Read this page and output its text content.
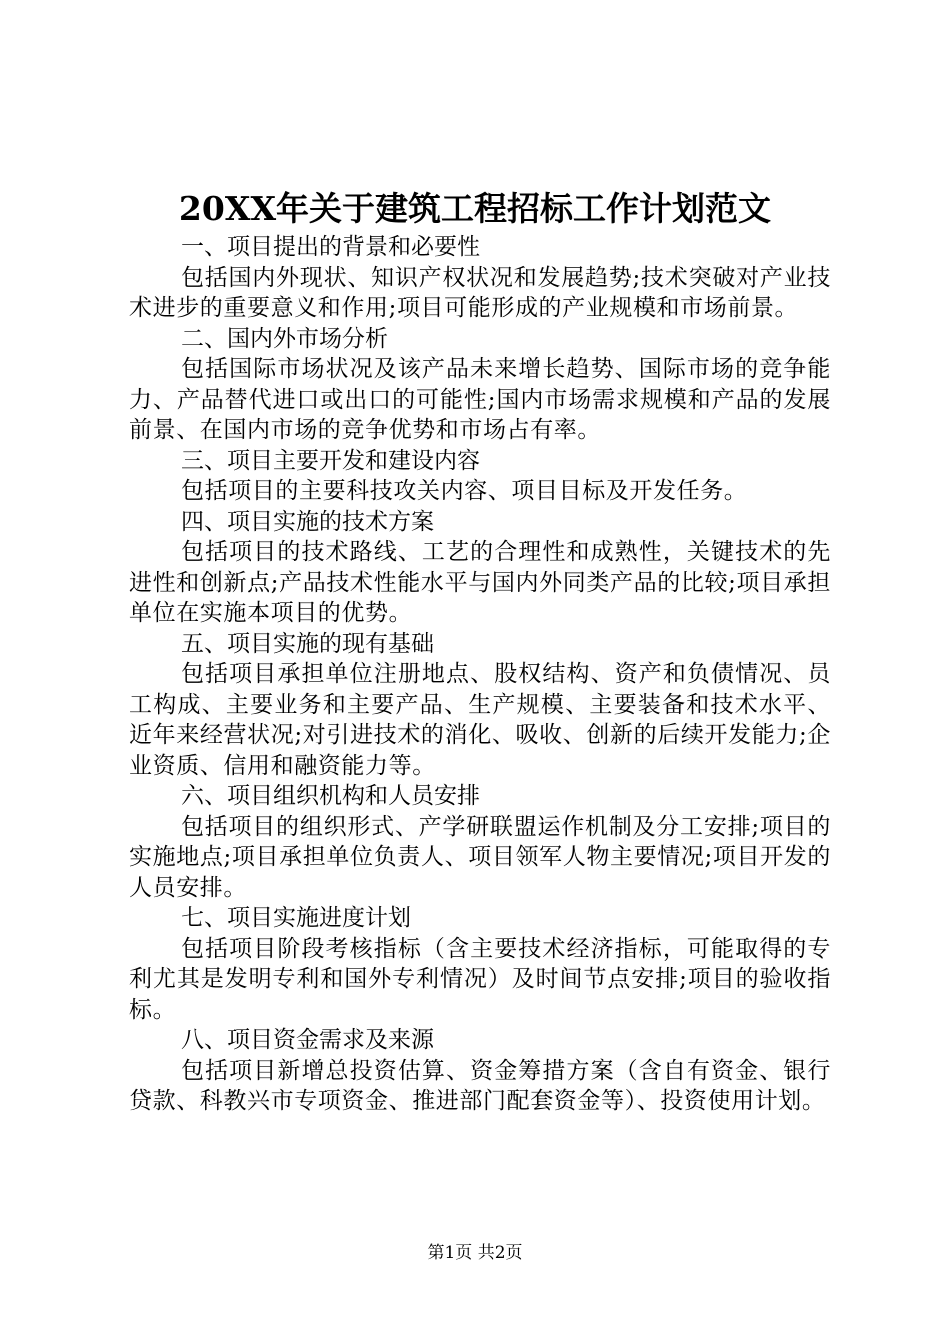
20XX年关于建筑工程招标工作计划范文
一、项目提出的背景和必要性

包括国内外现状、知识产权状况和发展趋势;技术突破对产业技术进步的重要意义和作用;项目可能形成的产业规模和市场前景。

二、国内外市场分析

包括国际市场状况及该产品未来增长趋势、国际市场的竞争能力、产品替代进口或出口的可能性;国内市场需求规模和产品的发展前景、在国内市场的竞争优势和市场占有率。

三、项目主要开发和建设内容

包括项目的主要科技攻关内容、项目目标及开发任务。

四、项目实施的技术方案

包括项目的技术路线、工艺的合理性和成熟性，关键技术的先进性和创新点;产品技术性能水平与国内外同类产品的比较;项目承担单位在实施本项目的优势。

五、项目实施的现有基础

包括项目承担单位注册地点、股权结构、资产和负债情况、员工构成、主要业务和主要产品、生产规模、主要装备和技术水平、近年来经营状况;对引进技术的消化、吸收、创新的后续开发能力;企业资质、信用和融资能力等。

六、项目组织机构和人员安排

包括项目的组织形式、产学研联盟运作机制及分工安排;项目的实施地点;项目承担单位负责人、项目领军人物主要情况;项目开发的人员安排。

七、项目实施进度计划

包括项目阶段考核指标（含主要技术经济指标，可能取得的专利尤其是发明专利和国外专利情况）及时间节点安排;项目的验收指标。

八、项目资金需求及来源

包括项目新增总投资估算、资金筹措方案（含自有资金、银行贷款、科教兴市专项资金、推进部门配套资金等）、投资使用计划。

第1页 共2页
